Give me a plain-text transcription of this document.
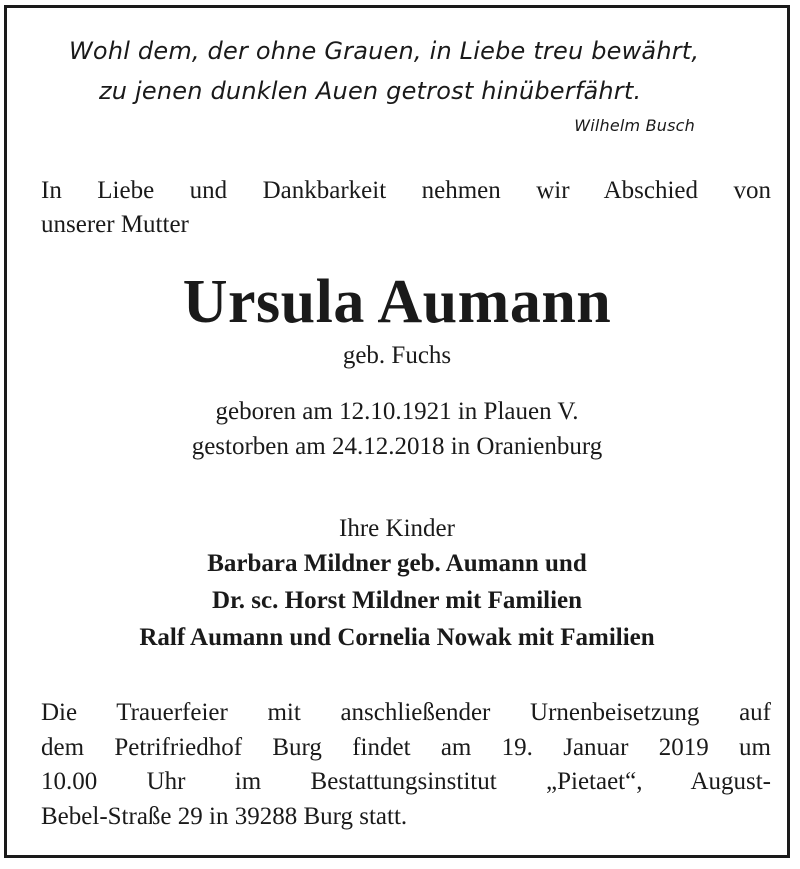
Wohl dem, der ohne Grauen, in Liebe treu bewährt,
zu jenen dunklen Auen getrost hinüberfährt.
Wilhelm Busch
In Liebe und Dankbarkeit nehmen wir Abschied von
unserer Mutter
Ursula Aumann
geb. Fuchs
geboren am 12.10.1921 in Plauen V.
gestorben am 24.12.2018 in Oranienburg
Ihre Kinder
Barbara Mildner geb. Aumann und
Dr. sc. Horst Mildner mit Familien
Ralf Aumann und Cornelia Nowak mit Familien
Die Trauerfeier mit anschließender Urnenbeisetzung auf
dem Petrifriedhof Burg findet am 19. Januar 2019 um
10.00 Uhr im Bestattungsinstitut „Pietaet“, August-
Bebel-Straße 29 in 39288 Burg statt.
